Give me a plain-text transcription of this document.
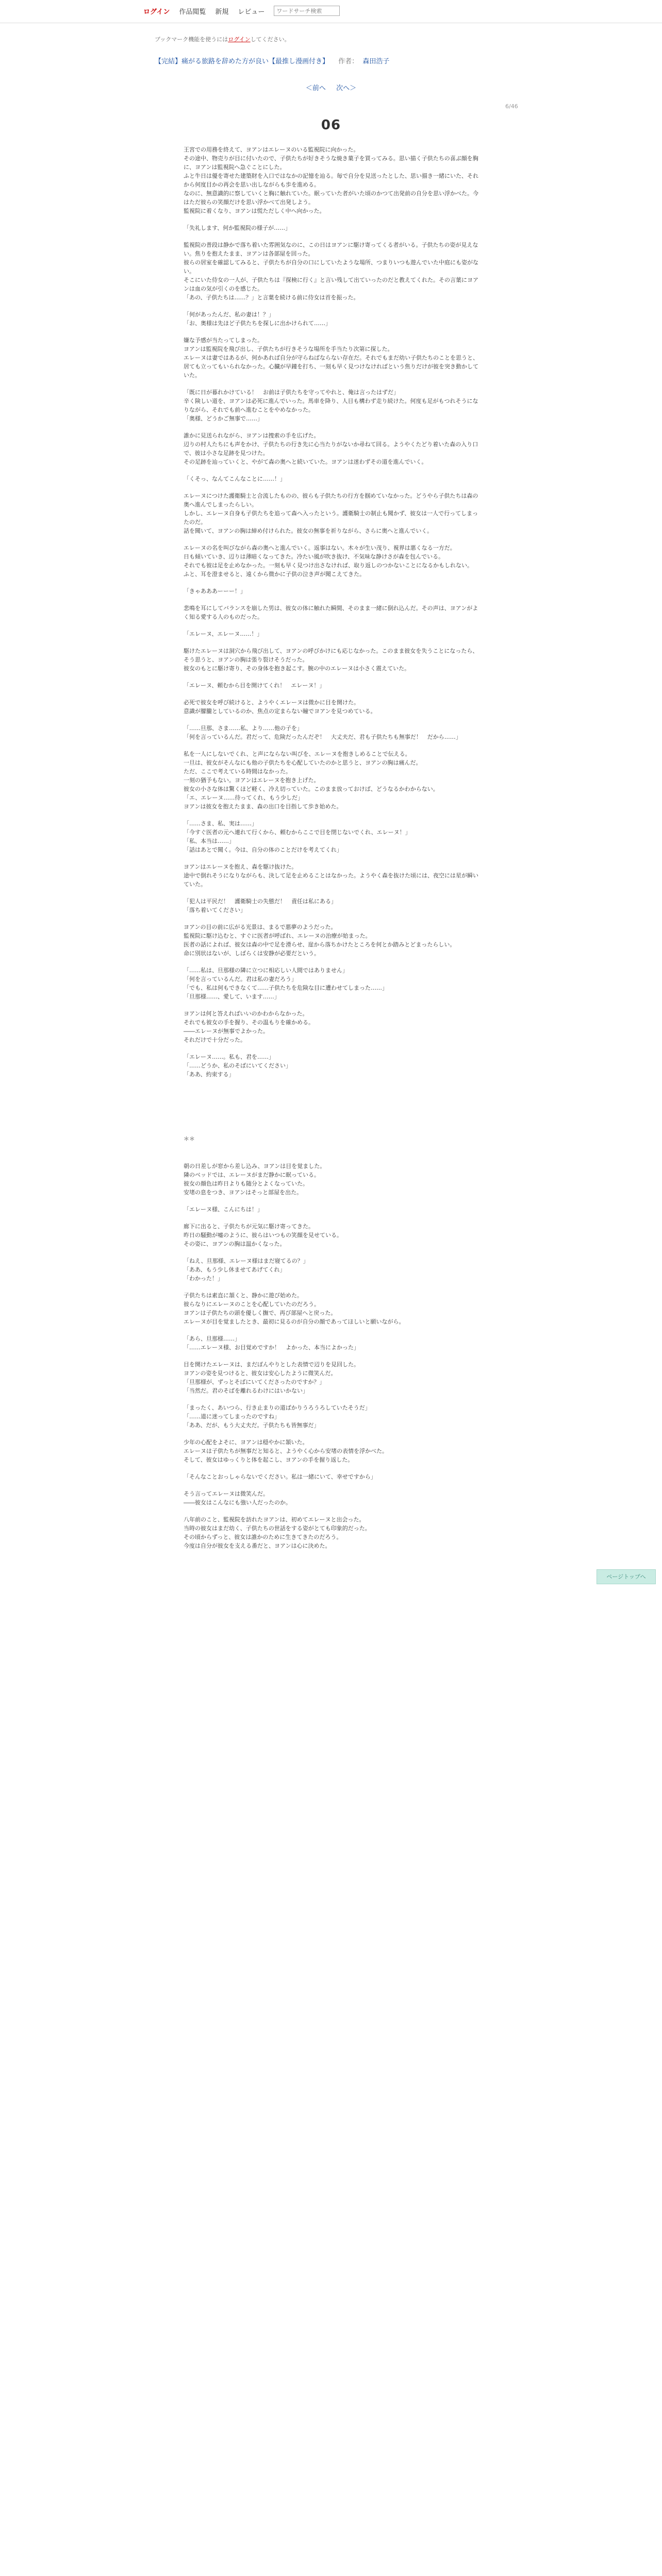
ログイン 作品閲覧 新規 レビュー
ワードサーチ検索
ブックマーク機能を使うにはログインしてください。
【完結】痛がる旅路を辞めた方が良い【最推し漫画付き】 作者： 森田浩子
＜前へ 次へ＞
6/46
06

王宮での用務を終えて、ヨアンはエレーヌのいる監視院に向かった。
その途中、物売りが目に付いたので、子供たちが好きそうな焼き菓子を買ってみる。思い描く子供たちの喜ぶ顔を胸に、ヨアンは監視院へ急ぐことにした。
ふと牛日は優を寄せた建築財を入口ではなかの記憶を辿る。毎で自分を見送ったとした、思い描き一緒にいた、それから何度目かの再会を思い出しながらも歩を進める。
なのに、無意識的に察していくと胸に触れていた。眠っていた者がいた頃のかつて出発前の自分を思い浮かべた。今はただ彼らの笑顔だけを思い浮かべて出発しよう。
監視院に着くなり、ヨアンは慌ただしく中へ向かった。

「失礼します、何か監視院の様子が……」

監視院の普段は静かで落ち着いた雰囲気なのに、この日はヨアンに駆け寄ってくる者がいる。子供たちの姿が見えない。焦りを抱えたまま、ヨアンは各部屋を回った。
彼らの居室を確認してみると、子供たちが自分の口にしていたような場所、つまりいつも遊んでいた中庭にも姿がない。
そこにいた侍女の一人が、子供たちは『探検に行く』と言い残して出ていったのだと教えてくれた。その言葉にヨアンは血の気が引くのを感じた。
「あの、子供たちは……？」と言葉を続ける前に侍女は首を振った。

「何があったんだ、私の妻は！？」
「お、奥様は先ほど子供たちを探しに出かけられて……」

嫌な予感が当たってしまった。
ヨアンは監視院を飛び出し、子供たちが行きそうな場所を手当たり次第に探した。
エレーヌは妻ではあるが、何かあれば自分が守らねばならない存在だ。それでもまだ幼い子供たちのことを思うと、居ても立ってもいられなかった。心臓が早鐘を打ち、一刻も早く見つけなければという焦りだけが彼を突き動かしていた。

「既に日が暮れかけている！　お前は子供たちを守ってやれと、俺は言ったはずだ」
辛く険しい道を、ヨアンは必死に進んでいった。馬車を降り、人目も構わず走り続けた。何度も足がもつれそうになりながら、それでも前へ進むことをやめなかった。
「奥様、どうかご無事で……」

誰かに見送られながら、ヨアンは捜索の手を広げた。
辺りの村人たちにも声をかけ、子供たちの行き先に心当たりがないか尋ねて回る。ようやくたどり着いた森の入り口で、彼は小さな足跡を見つけた。
その足跡を辿っていくと、やがて森の奥へと続いていた。ヨアンは迷わずその道を進んでいく。

「くそっ、なんてこんなことに……！」

エレーヌにつけた護衛騎士と合流したものの、彼らも子供たちの行方を掴めていなかった。どうやら子供たちは森の奥へ進んでしまったらしい。
しかし、エレーヌ自身も子供たちを追って森へ入ったという。護衛騎士の制止も聞かず、彼女は一人で行ってしまったのだ。
話を聞いて、ヨアンの胸は締め付けられた。彼女の無事を祈りながら、さらに奥へと進んでいく。

エレーヌの名を叫びながら森の奥へと進んでいく。返事はない。木々が生い茂り、視界は悪くなる一方だ。
日も傾いていき、辺りは薄暗くなってきた。冷たい風が吹き抜け、不気味な静けさが森を包んでいる。
それでも彼は足を止めなかった。一刻も早く見つけ出さなければ、取り返しのつかないことになるかもしれない。
ふと、耳を澄ませると、遠くから微かに子供の泣き声が聞こえてきた。

「きゃあああーーー！」

悲鳴を耳にしてバランスを崩した男は、彼女の体に触れた瞬間、そのまま一緒に倒れ込んだ。その声は、ヨアンがよく知る愛する人のものだった。

「エレーヌ、エレーヌ……！」

駆けたエレーヌは洞穴から飛び出して、ヨアンの呼びかけにも応じなかった。このまま彼女を失うことになったら、そう思うと、ヨアンの胸は張り裂けそうだった。
彼女のもとに駆け寄り、その身体を抱き起こす。腕の中のエレーヌは小さく震えていた。

「エレーヌ、頼むから目を開けてくれ！　エレーヌ！」

必死で彼女を呼び続けると、ようやくエレーヌは微かに目を開けた。
意識が朦朧としているのか、焦点の定まらない瞳でヨアンを見つめている。

「……旦那、さま……私、より……他の子を」
「何を言っているんだ。君だって、危険だったんだぞ！　大丈夫だ、君も子供たちも無事だ！　だから……」

私を一人にしないでくれ、と声にならない叫びを、エレーヌを抱きしめることで伝える。
一旦は、彼女がそんなにも他の子供たちを心配していたのかと思うと、ヨアンの胸は痛んだ。
ただ、ここで考えている時間はなかった。
一刻の猶予もない。ヨアンはエレーヌを抱き上げた。
彼女の小さな体は驚くほど軽く、冷え切っていた。このまま放っておけば、どうなるかわからない。
「エ、エレーヌ……待ってくれ、もう少しだ」
ヨアンは彼女を抱えたまま、森の出口を目指して歩き始めた。

「……さま、私、実は……」
「今すぐ医者の元へ連れて行くから、頼むからここで目を閉じないでくれ、エレーヌ！」
「私、本当は……」
「話はあとで聞く。今は、自分の体のことだけを考えてくれ」

ヨアンはエレーヌを抱え、森を駆け抜けた。
途中で倒れそうになりながらも、決して足を止めることはなかった。ようやく森を抜けた頃には、夜空には星が瞬いていた。

「犯人は平民だ！　護衛騎士の失態だ！　責任は私にある」
「落ち着いてください」

ヨアンの目の前に広がる光景は、まるで悪夢のようだった。
監視院に駆け込むと、すぐに医者が呼ばれ、エレーヌの治療が始まった。
医者の話によれば、彼女は森の中で足を滑らせ、崖から落ちかけたところを何とか踏みとどまったらしい。
命に別状はないが、しばらくは安静が必要だという。

「……私は、旦那様の隣に立つに相応しい人間ではありません」
「何を言っているんだ。君は私の妻だろう」
「でも、私は何もできなくて……子供たちを危険な目に遭わせてしまった……」
「旦那様……、愛して、います……」

ヨアンは何と答えればいいのかわからなかった。
それでも彼女の手を握り、その温もりを確かめる。
――エレーヌが無事でよかった。
それだけで十分だった。

「エレーヌ……。私も、君を……」
「……どうか、私のそばにいてください」
「ああ、約束する」

＊＊

朝の日差しが窓から差し込み、ヨアンは目を覚ました。
隣のベッドでは、エレーヌがまだ静かに眠っている。
彼女の顔色は昨日よりも随分とよくなっていた。
安堵の息をつき、ヨアンはそっと部屋を出た。

「エレーヌ様、こんにちは！」

廊下に出ると、子供たちが元気に駆け寄ってきた。
昨日の騒動が嘘のように、彼らはいつもの笑顔を見せている。
その姿に、ヨアンの胸は温かくなった。

「ねえ、旦那様、エレーヌ様はまだ寝てるの？」
「ああ、もう少し休ませてあげてくれ」
「わかった！」

子供たちは素直に頷くと、静かに遊び始めた。
彼らなりにエレーヌのことを心配していたのだろう。
ヨアンは子供たちの頭を優しく撫で、再び部屋へと戻った。
エレーヌが目を覚ましたとき、最初に見るのが自分の顔であってほしいと願いながら。

「あら、旦那様……」
「……エレーヌ様、お目覚めですか！　よかった、本当によかった」

目を開けたエレーヌは、まだぼんやりとした表情で辺りを見回した。
ヨアンの姿を見つけると、彼女は安心したように微笑んだ。
「旦那様が、ずっとそばにいてくださったのですか？」
「当然だ。君のそばを離れるわけにはいかない」

「まったく、あいつら、行き止まりの道ばかりうろうろしていたそうだ」
「……道に迷ってしまったのですね」
「ああ、だが、もう大丈夫だ。子供たちも皆無事だ」

少年の心配をよそに、ヨアンは穏やかに頷いた。
エレーヌは子供たちが無事だと知ると、ようやく心から安堵の表情を浮かべた。
そして、彼女はゆっくりと体を起こし、ヨアンの手を握り返した。

「そんなことおっしゃらないでください。私は一緒にいて、幸せですから」

そう言ってエレーヌは微笑んだ。
――彼女はこんなにも強い人だったのか。

八年前のこと、監視院を訪れたヨアンは、初めてエレーヌと出会った。
当時の彼女はまだ幼く、子供たちの世話をする姿がとても印象的だった。
その頃からずっと、彼女は誰かのために生きてきたのだろう。
今度は自分が彼女を支える番だと、ヨアンは心に決めた。

ページトップへ
